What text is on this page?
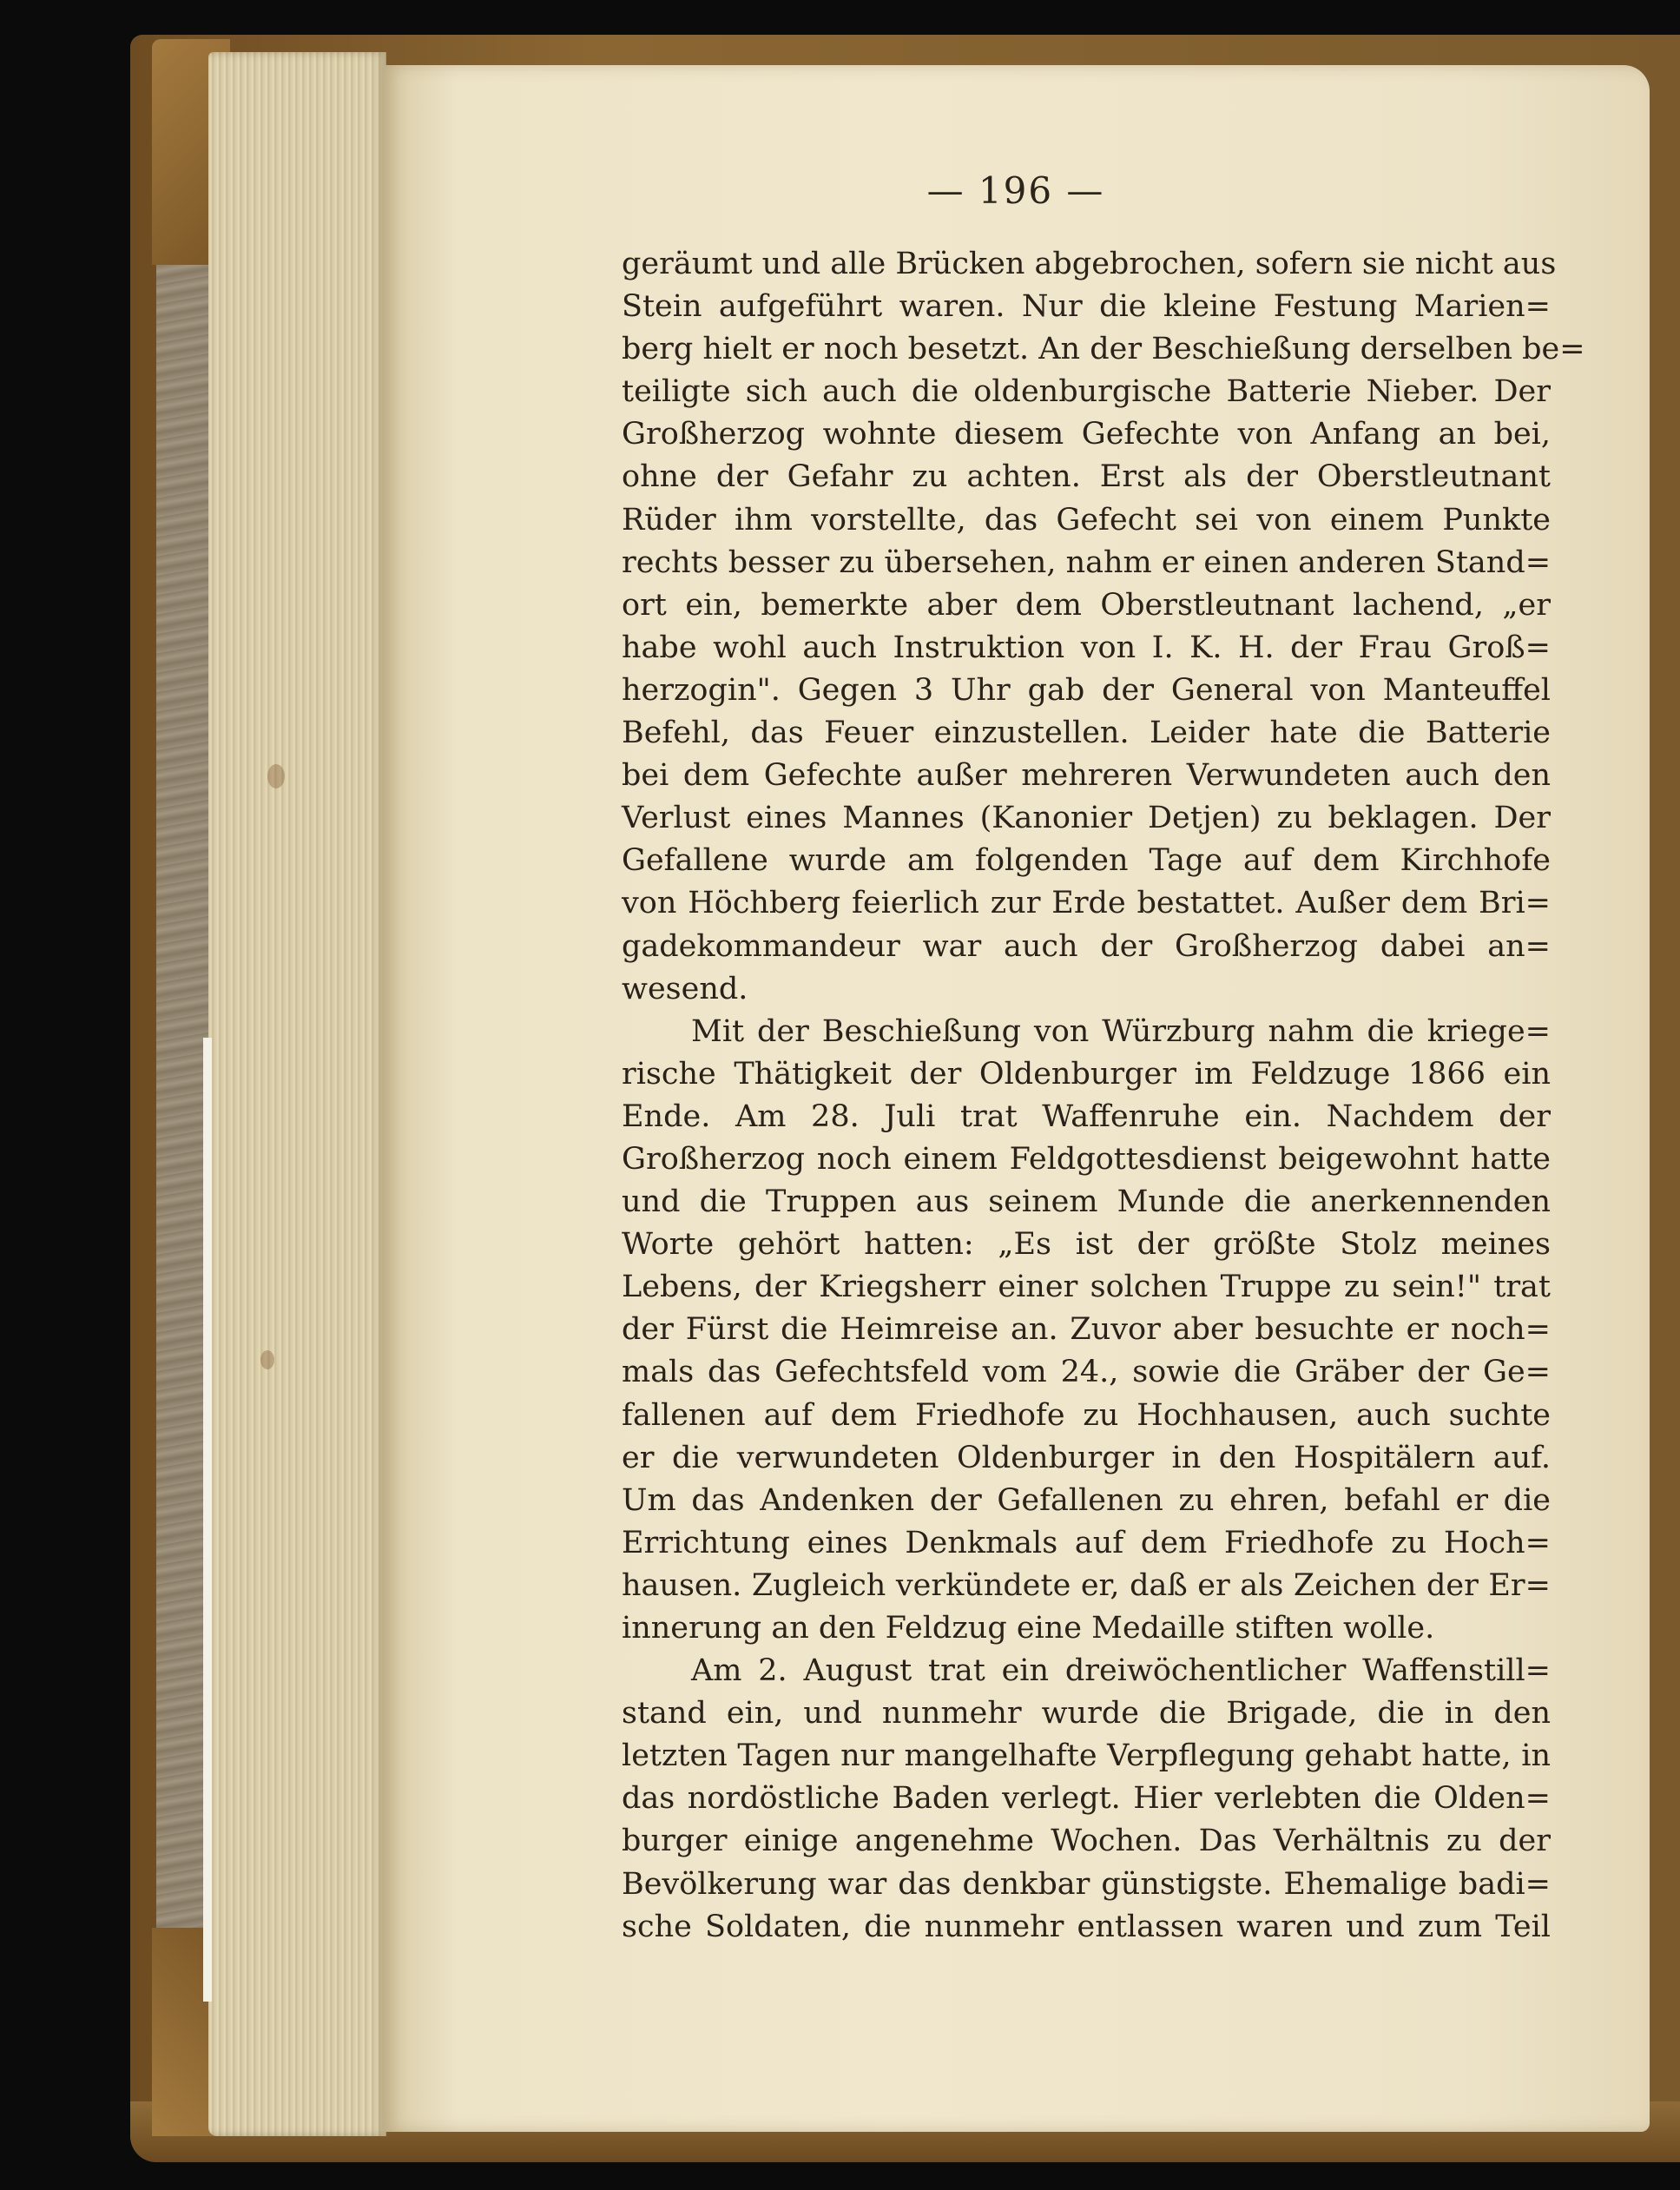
— 196 —
geräumt und alle Brücken abgebrochen, sofern sie nicht aus
Stein aufgeführt waren. Nur die kleine Festung Marien=
berg hielt er noch besetzt. An der Beschießung derselben be=
teiligte sich auch die oldenburgische Batterie Nieber. Der
Großherzog wohnte diesem Gefechte von Anfang an bei,
ohne der Gefahr zu achten. Erst als der Oberstleutnant
Rüder ihm vorstellte, das Gefecht sei von einem Punkte
rechts besser zu übersehen, nahm er einen anderen Stand=
ort ein, bemerkte aber dem Oberstleutnant lachend, „er
habe wohl auch Instruktion von I. K. H. der Frau Groß=
herzogin". Gegen 3 Uhr gab der General von Manteuffel
Befehl, das Feuer einzustellen. Leider hate die Batterie
bei dem Gefechte außer mehreren Verwundeten auch den
Verlust eines Mannes (Kanonier Detjen) zu beklagen. Der
Gefallene wurde am folgenden Tage auf dem Kirchhofe
von Höchberg feierlich zur Erde bestattet. Außer dem Bri=
gadekommandeur war auch der Großherzog dabei an=
wesend.
Mit der Beschießung von Würzburg nahm die kriege=
rische Thätigkeit der Oldenburger im Feldzuge 1866 ein
Ende. Am 28. Juli trat Waffenruhe ein. Nachdem der
Großherzog noch einem Feldgottesdienst beigewohnt hatte
und die Truppen aus seinem Munde die anerkennenden
Worte gehört hatten: „Es ist der größte Stolz meines
Lebens, der Kriegsherr einer solchen Truppe zu sein!" trat
der Fürst die Heimreise an. Zuvor aber besuchte er noch=
mals das Gefechtsfeld vom 24., sowie die Gräber der Ge=
fallenen auf dem Friedhofe zu Hochhausen, auch suchte
er die verwundeten Oldenburger in den Hospitälern auf.
Um das Andenken der Gefallenen zu ehren, befahl er die
Errichtung eines Denkmals auf dem Friedhofe zu Hoch=
hausen. Zugleich verkündete er, daß er als Zeichen der Er=
innerung an den Feldzug eine Medaille stiften wolle.
Am 2. August trat ein dreiwöchentlicher Waffenstill=
stand ein, und nunmehr wurde die Brigade, die in den
letzten Tagen nur mangelhafte Verpflegung gehabt hatte, in
das nordöstliche Baden verlegt. Hier verlebten die Olden=
burger einige angenehme Wochen. Das Verhältnis zu der
Bevölkerung war das denkbar günstigste. Ehemalige badi=
sche Soldaten, die nunmehr entlassen waren und zum Teil
